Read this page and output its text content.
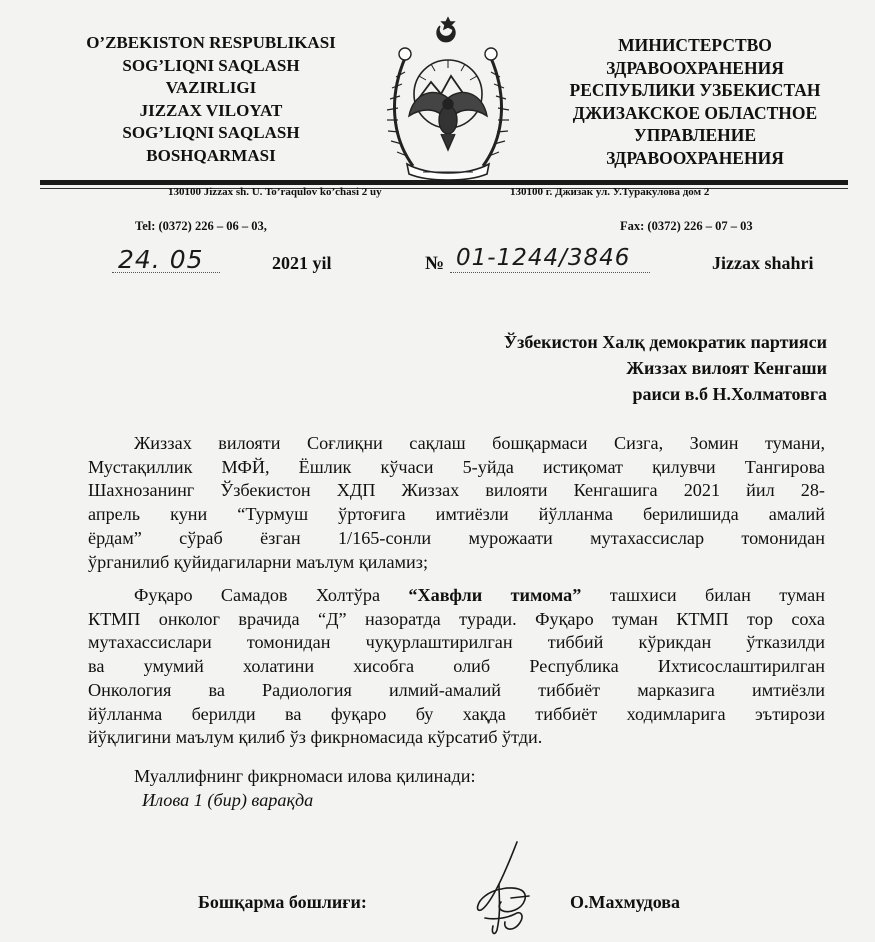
O’ZBEKISTON RESPUBLIKASI
SOG’LIQNI SAQLASH
VAZIRLIGI
JIZZAX VILOYAT
SOG’LIQNI SAQLASH
BOSHQARMASI
МИНИСТЕРСТВО
ЗДРАВООХРАНЕНИЯ
РЕСПУБЛИКИ УЗБЕКИСТАН
ДЖИЗАКСКОЕ ОБЛАСТНОЕ
УПРАВЛЕНИЕ
ЗДРАВООХРАНЕНИЯ
130100 Jizzax sh. U. To’raqulov ko’chasi 2 uy	130100 г. Джизак ул. У.Туракулова дом 2
Tel: (0372) 226 – 06 – 03,	Fax: (0372) 226 – 07 – 03
24. 05	2021 yil	№ 01-1244/3846	Jizzax shahri
Ўзбекистон Халқ демократик партияси
Жиззах вилоят Кенгаши
раиси в.б Н.Холматовга
Жиззах вилояти Соғлиқни сақлаш бошқармаси Сизга, Зомин тумани,
Мустақиллик МФЙ, Ёшлик кўчаси 5-уйда истиқомат қилувчи Тангирова
Шахнозанинг Ўзбекистон ХДП Жиззах вилояти Кенгашига 2021 йил 28-
апрель куни “Турмуш ўртоғига имтиёзли йўлланма берилишида амалий
ёрдам” сўраб ёзган 1/165-сонли мурожаати мутахассислар томонидан
ўрганилиб қуйидагиларни маълум қиламиз;
Фуқаро Самадов Холтўра “Хавфли тимома” ташхиси билан туман
КТМП онколог врачида “Д” назоратда туради. Фуқаро туман КТМП тор соха
мутахассислари томонидан чуқурлаштирилган тиббий кўрикдан ўтказилди
ва умумий холатини хисобга олиб Республика Ихтисослаштирилган
Онкология ва Радиология илмий-амалий тиббиёт марказига имтиёзли
йўлланма берилди ва фуқаро бу хақда тиббиёт ходимларига эътирози
йўқлигини маълум қилиб ўз фикрномасида кўрсатиб ўтди.
Муаллифнинг фикрномаси илова қилинади:
Илова 1 (бир) варақда
Бошқарма бошлиғи:	О.Махмудова
